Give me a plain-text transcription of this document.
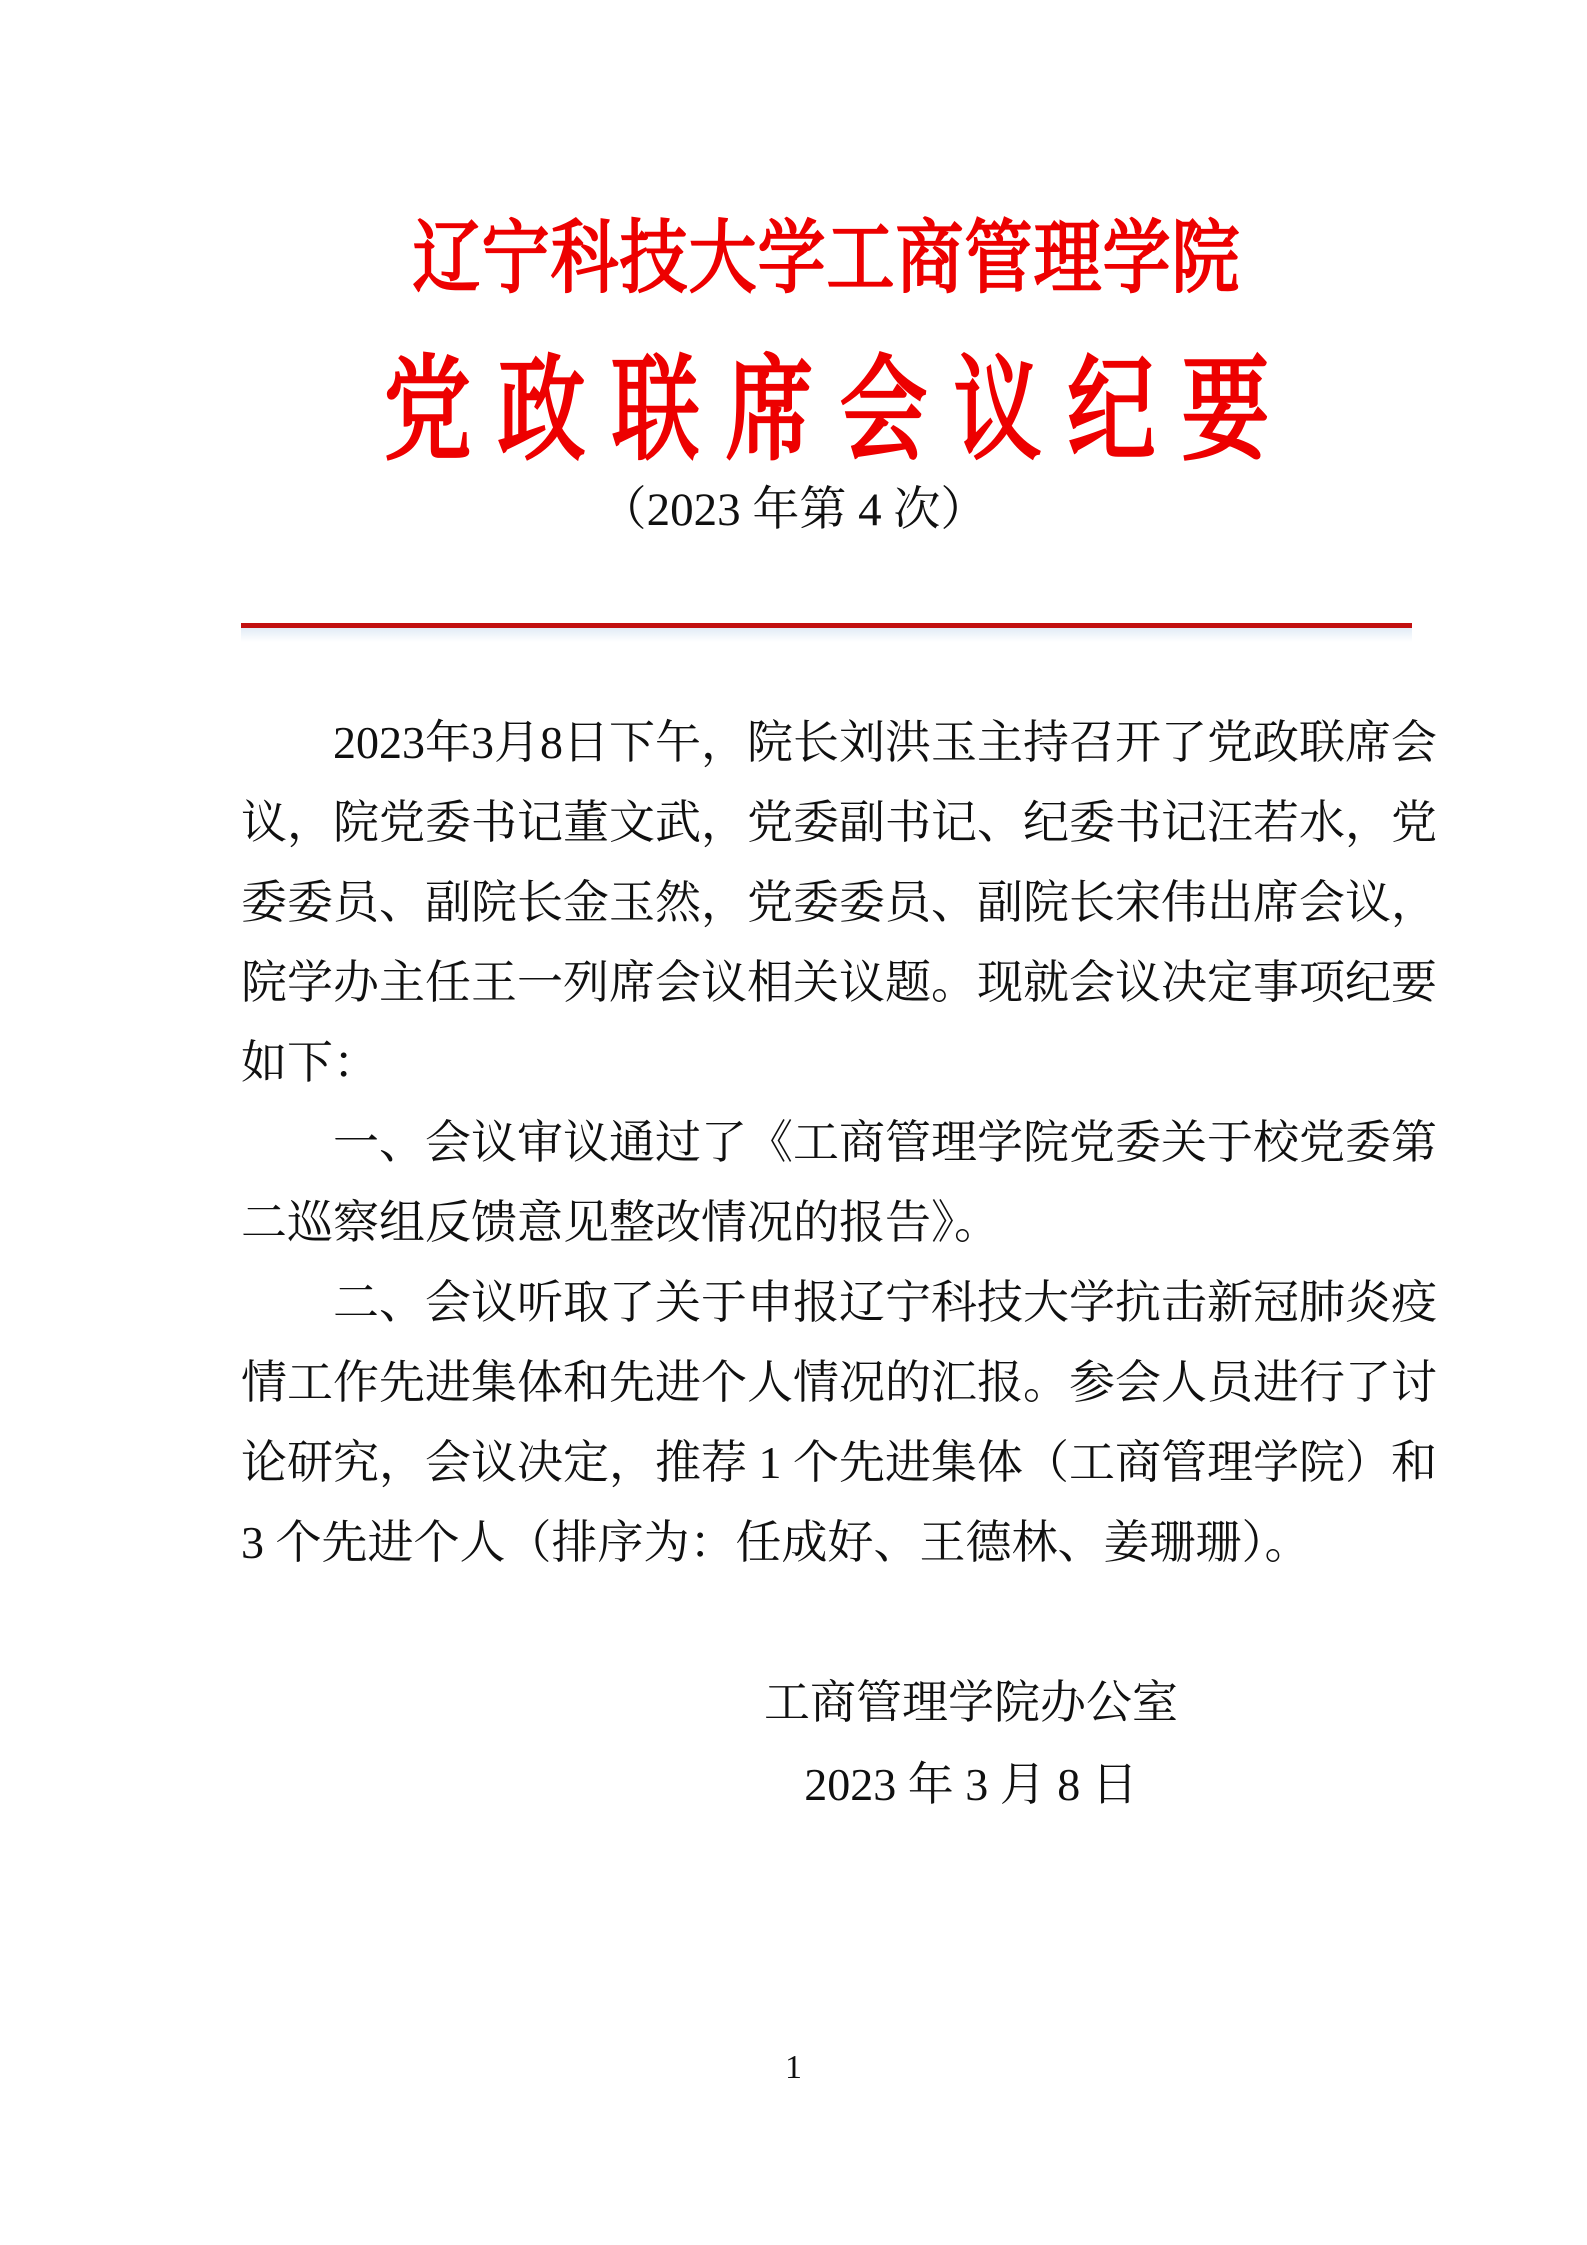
辽宁科技大学工商管理学院
党政联席会议纪要
（2023 年第 4 次）
2023年3月8日下午，院长刘洪玉主持召开了党政联席会
议，院党委书记董文武，党委副书记、纪委书记汪若水，党
委委员、副院长金玉然，党委委员、副院长宋伟出席会议，
院学办主任王一列席会议相关议题。现就会议决定事项纪要
如下：
一、会议审议通过了《工商管理学院党委关于校党委第
二巡察组反馈意见整改情况的报告》。
二、会议听取了关于申报辽宁科技大学抗击新冠肺炎疫
情工作先进集体和先进个人情况的汇报。参会人员进行了讨
论研究，会议决定，推荐 1 个先进集体（工商管理学院）和
3 个先进个人（排序为：任成好、王德林、姜珊珊）。
工商管理学院办公室
2023 年 3 月 8 日
1
